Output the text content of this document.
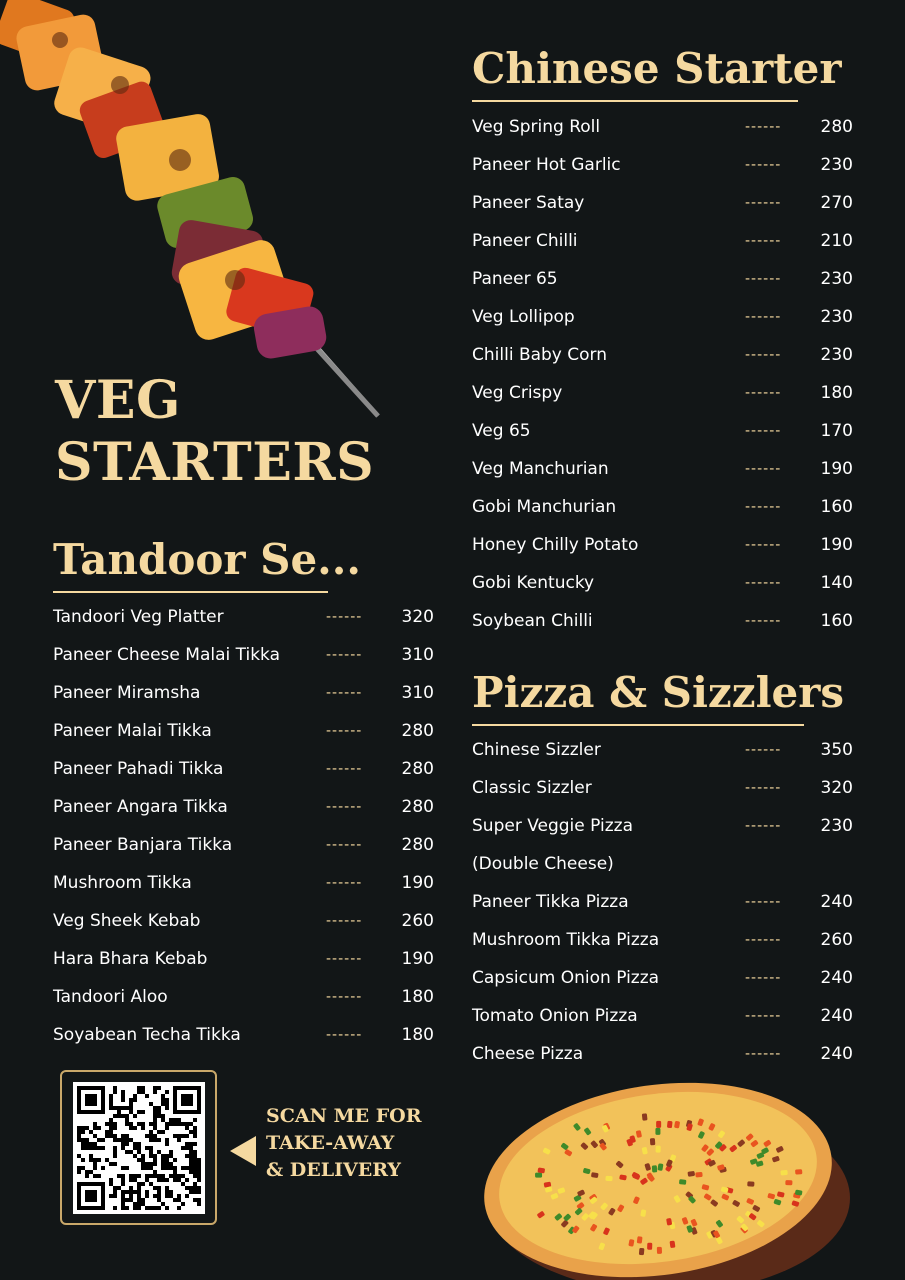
VEG
STARTERS
Tandoor Se...
Tandoori Veg Platter	------ 320
Paneer Cheese Malai Tikka	------ 310
Paneer Miramsha	------ 310
Paneer Malai Tikka	------ 280
Paneer Pahadi Tikka	------ 280
Paneer Angara Tikka	------ 280
Paneer Banjara Tikka	------ 280
Mushroom Tikka	------ 190
Veg Sheek Kebab	------ 260
Hara Bhara Kebab	------ 190
Tandoori Aloo	------ 180
Soyabean Techa Tikka	------ 180
Chinese Starter
Veg Spring Roll	------ 280
Paneer Hot Garlic	------ 230
Paneer Satay	------ 270
Paneer Chilli	------ 210
Paneer 65	------ 230
Veg Lollipop	------ 230
Chilli Baby Corn	------ 230
Veg Crispy	------ 180
Veg 65	------ 170
Veg Manchurian	------ 190
Gobi Manchurian	------ 160
Honey Chilly Potato	------ 190
Gobi Kentucky	------ 140
Soybean Chilli	------ 160
Pizza & Sizzlers
Chinese Sizzler	------ 350
Classic Sizzler	------ 320
Super Veggie Pizza	------ 230
(Double Cheese)
Paneer Tikka Pizza	------ 240
Mushroom Tikka Pizza	------ 260
Capsicum Onion Pizza	------ 240
Tomato Onion Pizza	------ 240
Cheese Pizza	------ 240
SCAN ME FOR
TAKE-AWAY
& DELIVERY
